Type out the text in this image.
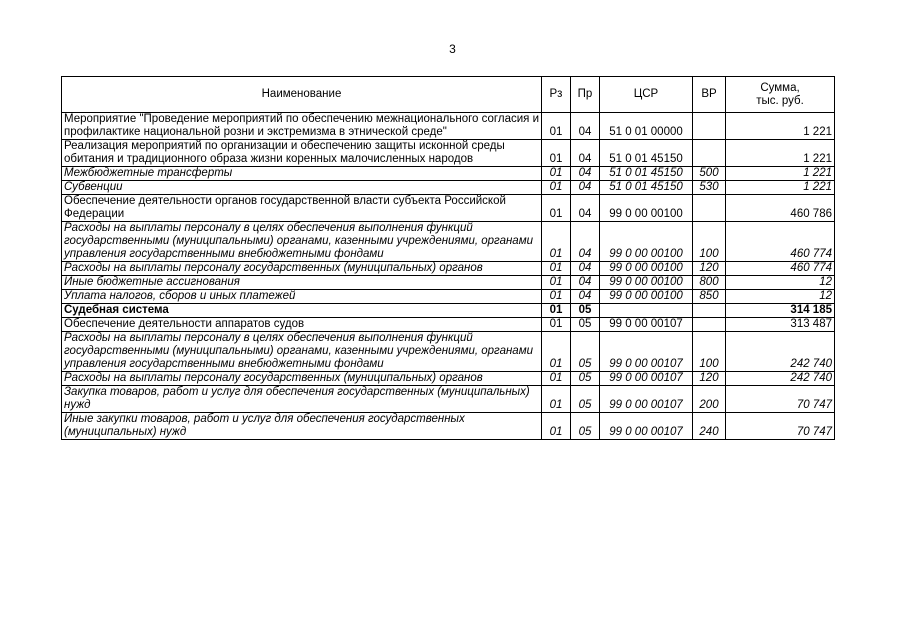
3
Наименование	Рз	Пр	ЦСР	ВР	Сумма,
тыс. руб.

Мероприятие "Проведение мероприятий по обеспечению межнационального согласия и профилактике национальной розни и экстремизма в этнической среде"	01	04	51 0 01 00000		1 221
Реализация мероприятий по организации и обеспечению защиты исконной среды обитания и традиционного образа жизни коренных малочисленных народов	01	04	51 0 01 45150		1 221
Межбюджетные трансферты	01	04	51 0 01 45150	500	1 221
Субвенции	01	04	51 0 01 45150	530	1 221
Обеспечение деятельности органов государственной власти субъекта Российской Федерации	01	04	99 0 00 00100		460 786
Расходы на выплаты персоналу в целях обеспечения выполнения функций государственными (муниципальными) органами, казенными учреждениями, органами управления государственными внебюджетными фондами	01	04	99 0 00 00100	100	460 774
Расходы на выплаты персоналу государственных (муниципальных) органов	01	04	99 0 00 00100	120	460 774
Иные бюджетные ассигнования	01	04	99 0 00 00100	800	12
Уплата налогов, сборов и иных платежей	01	04	99 0 00 00100	850	12
Судебная система	01	05			314 185
Обеспечение деятельности аппаратов судов	01	05	99 0 00 00107		313 487
Расходы на выплаты персоналу в целях обеспечения выполнения функций государственными (муниципальными) органами, казенными учреждениями, органами управления государственными внебюджетными фондами	01	05	99 0 00 00107	100	242 740
Расходы на выплаты персоналу государственных (муниципальных) органов	01	05	99 0 00 00107	120	242 740
Закупка товаров, работ и услуг для обеспечения государственных (муниципальных) нужд	01	05	99 0 00 00107	200	70 747
Иные закупки товаров, работ и услуг для обеспечения государственных (муниципальных) нужд	01	05	99 0 00 00107	240	70 747
